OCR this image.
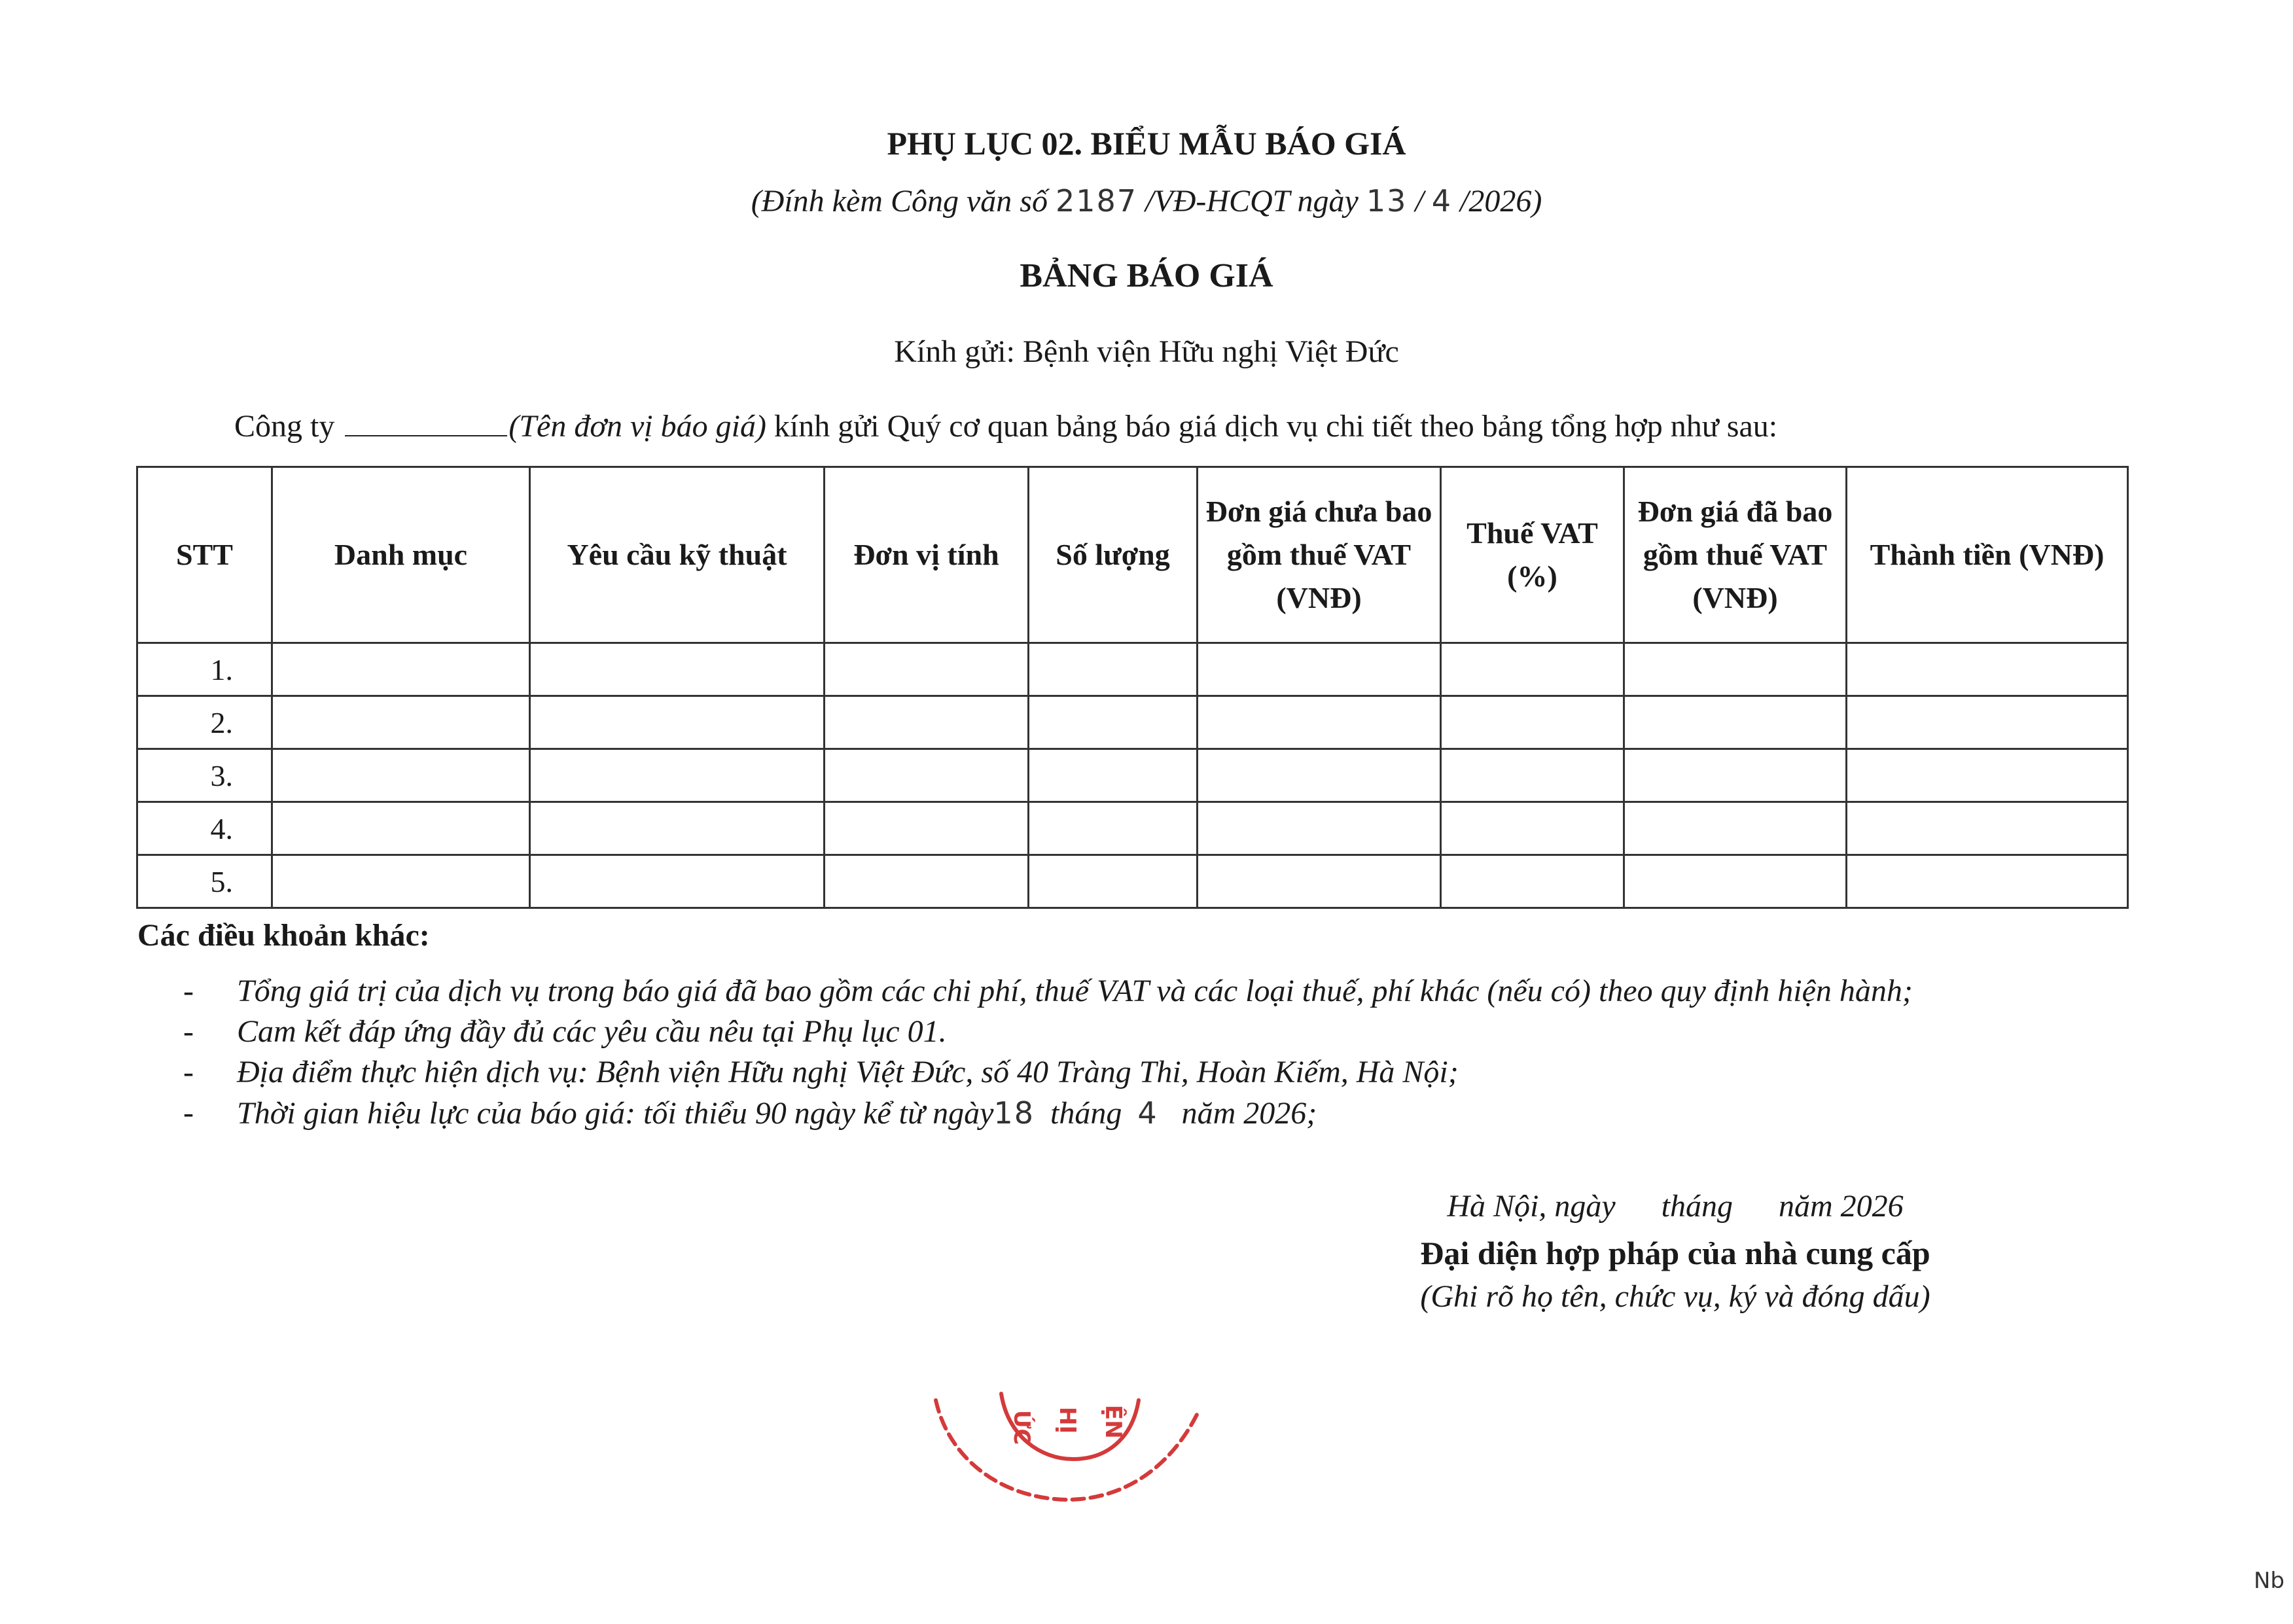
PHỤ LỤC 02. BIỂU MẪU BÁO GIÁ
(Đính kèm Công văn số 2187 /VĐ-HCQT ngày 13 / 4 /2026)
BẢNG BÁO GIÁ
Kính gửi: Bệnh viện Hữu nghị Việt Đức
Công ty	(Tên đơn vị báo giá) kính gửi Quý cơ quan bảng báo giá dịch vụ chi tiết theo bảng tổng hợp như sau:
STT	Danh mục	Yêu cầu kỹ thuật	Đơn vị tính	Số lượng	Đơn giá chưa bao gồm thuế VAT (VNĐ)	Thuế VAT (%)	Đơn giá đã bao gồm thuế VAT (VNĐ)	Thành tiền (VNĐ)
1.								
2.								
3.								
4.								
5.								
Các điều khoản khác:
- Tổng giá trị của dịch vụ trong báo giá đã bao gồm các chi phí, thuế VAT và các loại thuế, phí khác (nếu có) theo quy định hiện hành;
- Cam kết đáp ứng đầy đủ các yêu cầu nêu tại Phụ lục 01.
- Địa điểm thực hiện dịch vụ: Bệnh viện Hữu nghị Việt Đức, số 40 Tràng Thi, Hoàn Kiếm, Hà Nội;
- Thời gian hiệu lực của báo giá: tối thiểu 90 ngày kể từ ngày18 tháng 4 năm 2026;
Hà Nội, ngày tháng năm 2026
Đại diện hợp pháp của nhà cung cấp
(Ghi rõ họ tên, chức vụ, ký và đóng dấu)
ỨC HỊ ỆN
Nb
